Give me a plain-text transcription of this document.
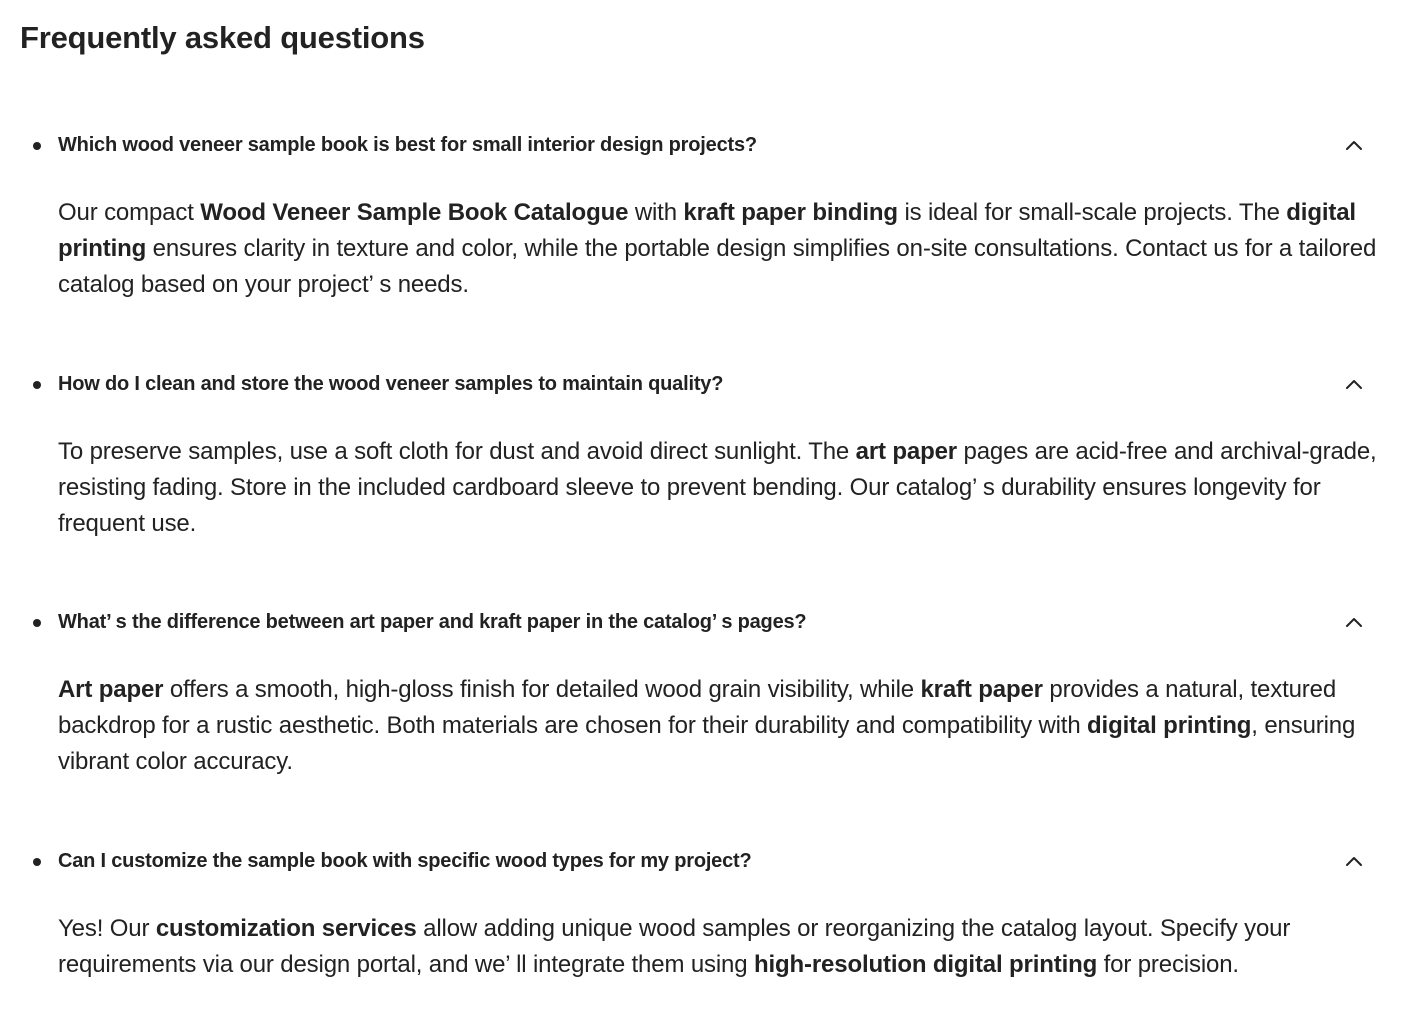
Frequently asked questions
Which wood veneer sample book is best for small interior design projects?

Our compact Wood Veneer Sample Book Catalogue with kraft paper binding is ideal for small-scale projects. The digital printing ensures clarity in texture and color, while the portable design simplifies on-site consultations. Contact us for a tailored catalog based on your project’ s needs.

How do I clean and store the wood veneer samples to maintain quality?

To preserve samples, use a soft cloth for dust and avoid direct sunlight. The art paper pages are acid-free and archival-grade, resisting fading. Store in the included cardboard sleeve to prevent bending. Our catalog’ s durability ensures longevity for frequent use.

What’ s the difference between art paper and kraft paper in the catalog’ s pages?

Art paper offers a smooth, high-gloss finish for detailed wood grain visibility, while kraft paper provides a natural, textured backdrop for a rustic aesthetic. Both materials are chosen for their durability and compatibility with digital printing, ensuring vibrant color accuracy.

Can I customize the sample book with specific wood types for my project?

Yes! Our customization services allow adding unique wood samples or reorganizing the catalog layout. Specify your requirements via our design portal, and we’ ll integrate them using high-resolution digital printing for precision.
